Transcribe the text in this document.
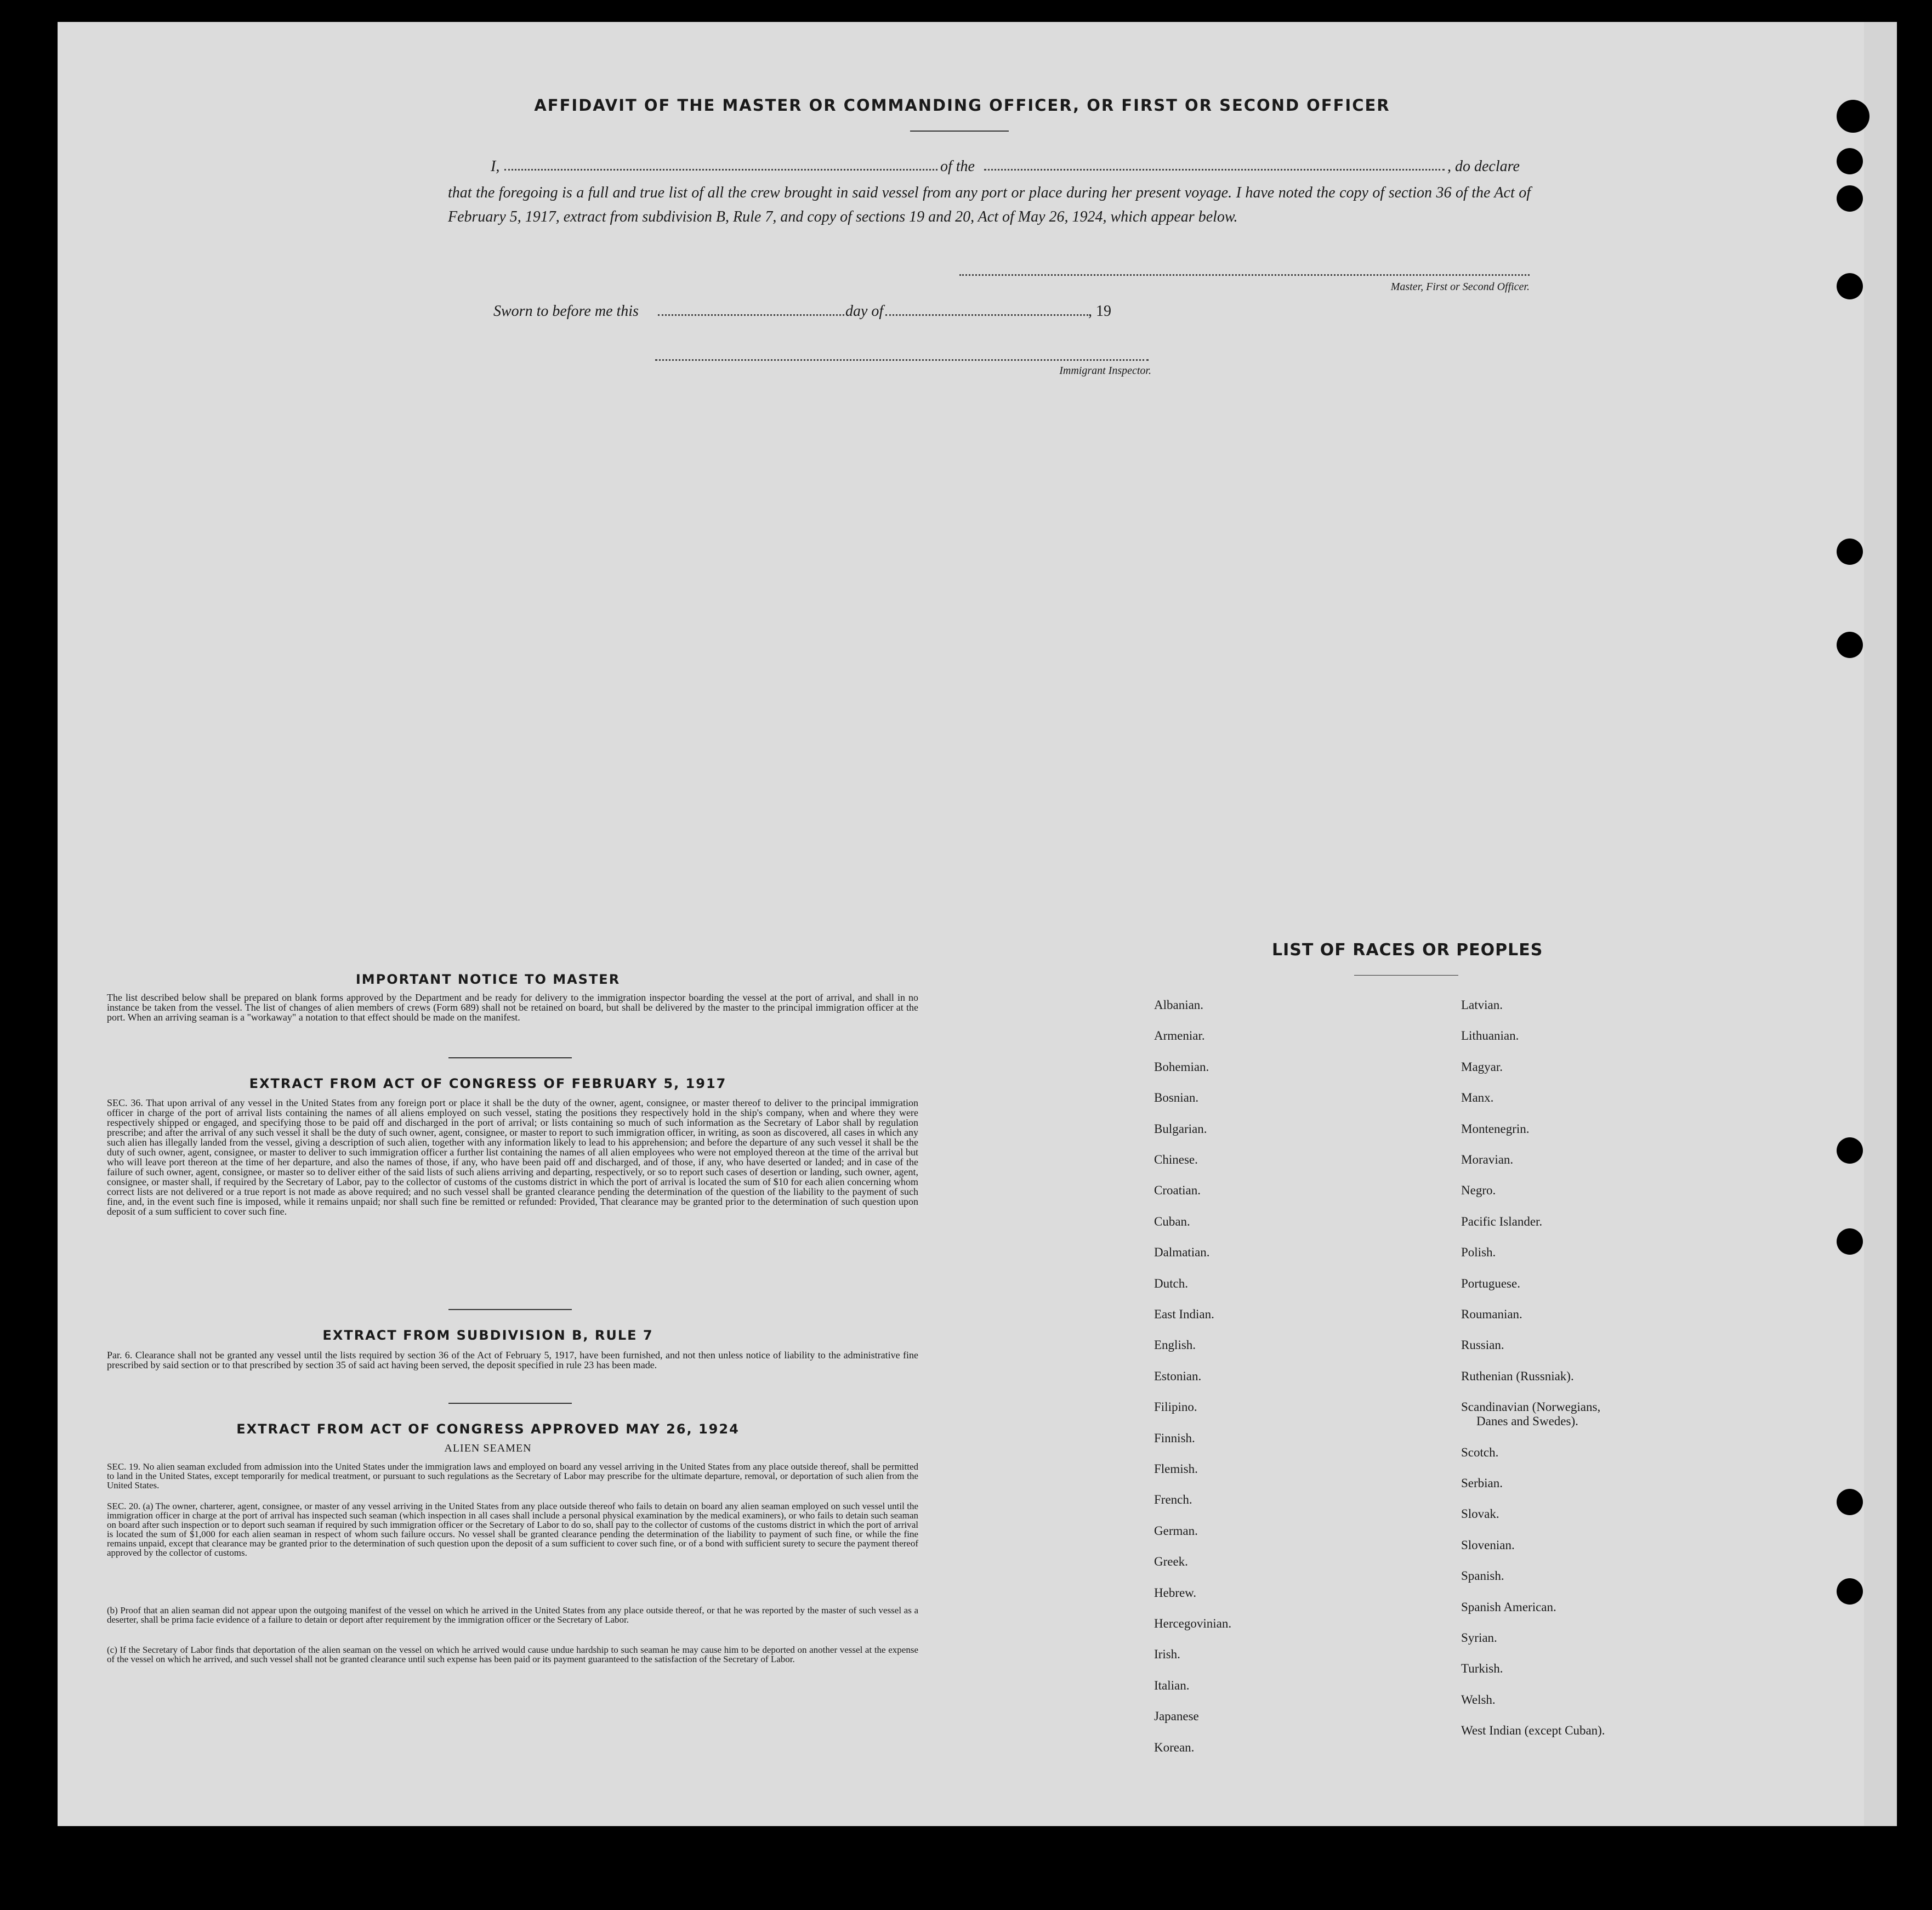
AFFIDAVIT OF THE MASTER OR COMMANDING OFFICER, OR FIRST OR SECOND OFFICER
I,	of the	, do declare
that the foregoing is a full and true list of all the crew brought in said vessel from any port or place during her present voyage. I have noted the copy of section 36 of the Act of February 5, 1917, extract from subdivision B, Rule 7, and copy of sections 19 and 20, Act of May 26, 1924, which appear below.
Master, First or Second Officer.
Sworn to before me this	day of	, 19
Immigrant Inspector.
IMPORTANT NOTICE TO MASTER
The list described below shall be prepared on blank forms approved by the Department and be ready for delivery to the immigration inspector boarding the vessel at the port of arrival, and shall in no instance be taken from the vessel. The list of changes of alien members of crews (Form 689) shall not be retained on board, but shall be delivered by the master to the principal immigration officer at the port. When an arriving seaman is a "workaway" a notation to that effect should be made on the manifest.
EXTRACT FROM ACT OF CONGRESS OF FEBRUARY 5, 1917
SEC. 36. That upon arrival of any vessel in the United States from any foreign port or place it shall be the duty of the owner, agent, consignee, or master thereof to deliver to the principal immigration officer in charge of the port of arrival lists containing the names of all aliens employed on such vessel, stating the positions they respectively hold in the ship's company, when and where they were respectively shipped or engaged, and specifying those to be paid off and discharged in the port of arrival; or lists containing so much of such information as the Secretary of Labor shall by regulation prescribe; and after the arrival of any such vessel it shall be the duty of such owner, agent, consignee, or master to report to such immigration officer, in writing, as soon as discovered, all cases in which any such alien has illegally landed from the vessel, giving a description of such alien, together with any information likely to lead to his apprehension; and before the departure of any such vessel it shall be the duty of such owner, agent, consignee, or master to deliver to such immigration officer a further list containing the names of all alien employees who were not employed thereon at the time of the arrival but who will leave port thereon at the time of her departure, and also the names of those, if any, who have been paid off and discharged, and of those, if any, who have deserted or landed; and in case of the failure of such owner, agent, consignee, or master so to deliver either of the said lists of such aliens arriving and departing, respectively, or so to report such cases of desertion or landing, such owner, agent, consignee, or master shall, if required by the Secretary of Labor, pay to the collector of customs of the customs district in which the port of arrival is located the sum of $10 for each alien concerning whom correct lists are not delivered or a true report is not made as above required; and no such vessel shall be granted clearance pending the determination of the question of the liability to the payment of such fine, and, in the event such fine is imposed, while it remains unpaid; nor shall such fine be remitted or refunded: Provided, That clearance may be granted prior to the determination of such question upon deposit of a sum sufficient to cover such fine.
EXTRACT FROM SUBDIVISION B, RULE 7
Par. 6. Clearance shall not be granted any vessel until the lists required by section 36 of the Act of February 5, 1917, have been furnished, and not then unless notice of liability to the administrative fine prescribed by said section or to that prescribed by section 35 of said act having been served, the deposit specified in rule 23 has been made.
EXTRACT FROM ACT OF CONGRESS APPROVED MAY 26, 1924
ALIEN SEAMEN
SEC. 19. No alien seaman excluded from admission into the United States under the immigration laws and employed on board any vessel arriving in the United States from any place outside thereof, shall be permitted to land in the United States, except temporarily for medical treatment, or pursuant to such regulations as the Secretary of Labor may prescribe for the ultimate departure, removal, or deportation of such alien from the United States.
SEC. 20. (a) The owner, charterer, agent, consignee, or master of any vessel arriving in the United States from any place outside thereof who fails to detain on board any alien seaman employed on such vessel until the immigration officer in charge at the port of arrival has inspected such seaman (which inspection in all cases shall include a personal physical examination by the medical examiners), or who fails to detain such seaman on board after such inspection or to deport such seaman if required by such immigration officer or the Secretary of Labor to do so, shall pay to the collector of customs of the customs district in which the port of arrival is located the sum of $1,000 for each alien seaman in respect of whom such failure occurs. No vessel shall be granted clearance pending the determination of the liability to payment of such fine, or while the fine remains unpaid, except that clearance may be granted prior to the determination of such question upon the deposit of a sum sufficient to cover such fine, or of a bond with sufficient surety to secure the payment thereof approved by the collector of customs.
(b) Proof that an alien seaman did not appear upon the outgoing manifest of the vessel on which he arrived in the United States from any place outside thereof, or that he was reported by the master of such vessel as a deserter, shall be prima facie evidence of a failure to detain or deport after requirement by the immigration officer or the Secretary of Labor.
(c) If the Secretary of Labor finds that deportation of the alien seaman on the vessel on which he arrived would cause undue hardship to such seaman he may cause him to be deported on another vessel at the expense of the vessel on which he arrived, and such vessel shall not be granted clearance until such expense has been paid or its payment guaranteed to the satisfaction of the Secretary of Labor.
LIST OF RACES OR PEOPLES
Albanian.
Armeniar.
Bohemian.
Bosnian.
Bulgarian.
Chinese.
Croatian.
Cuban.
Dalmatian.
Dutch.
East Indian.
English.
Estonian.
Filipino.
Finnish.
Flemish.
French.
German.
Greek.
Hebrew.
Hercegovinian.
Irish.
Italian.
Japanese
Korean.
Latvian.
Lithuanian.
Magyar.
Manx.
Montenegrin.
Moravian.
Negro.
Pacific Islander.
Polish.
Portuguese.
Roumanian.
Russian.
Ruthenian (Russniak).
Scandinavian (Norwegians,
Danes and Swedes).
Scotch.
Serbian.
Slovak.
Slovenian.
Spanish.
Spanish American.
Syrian.
Turkish.
Welsh.
West Indian (except Cuban).
